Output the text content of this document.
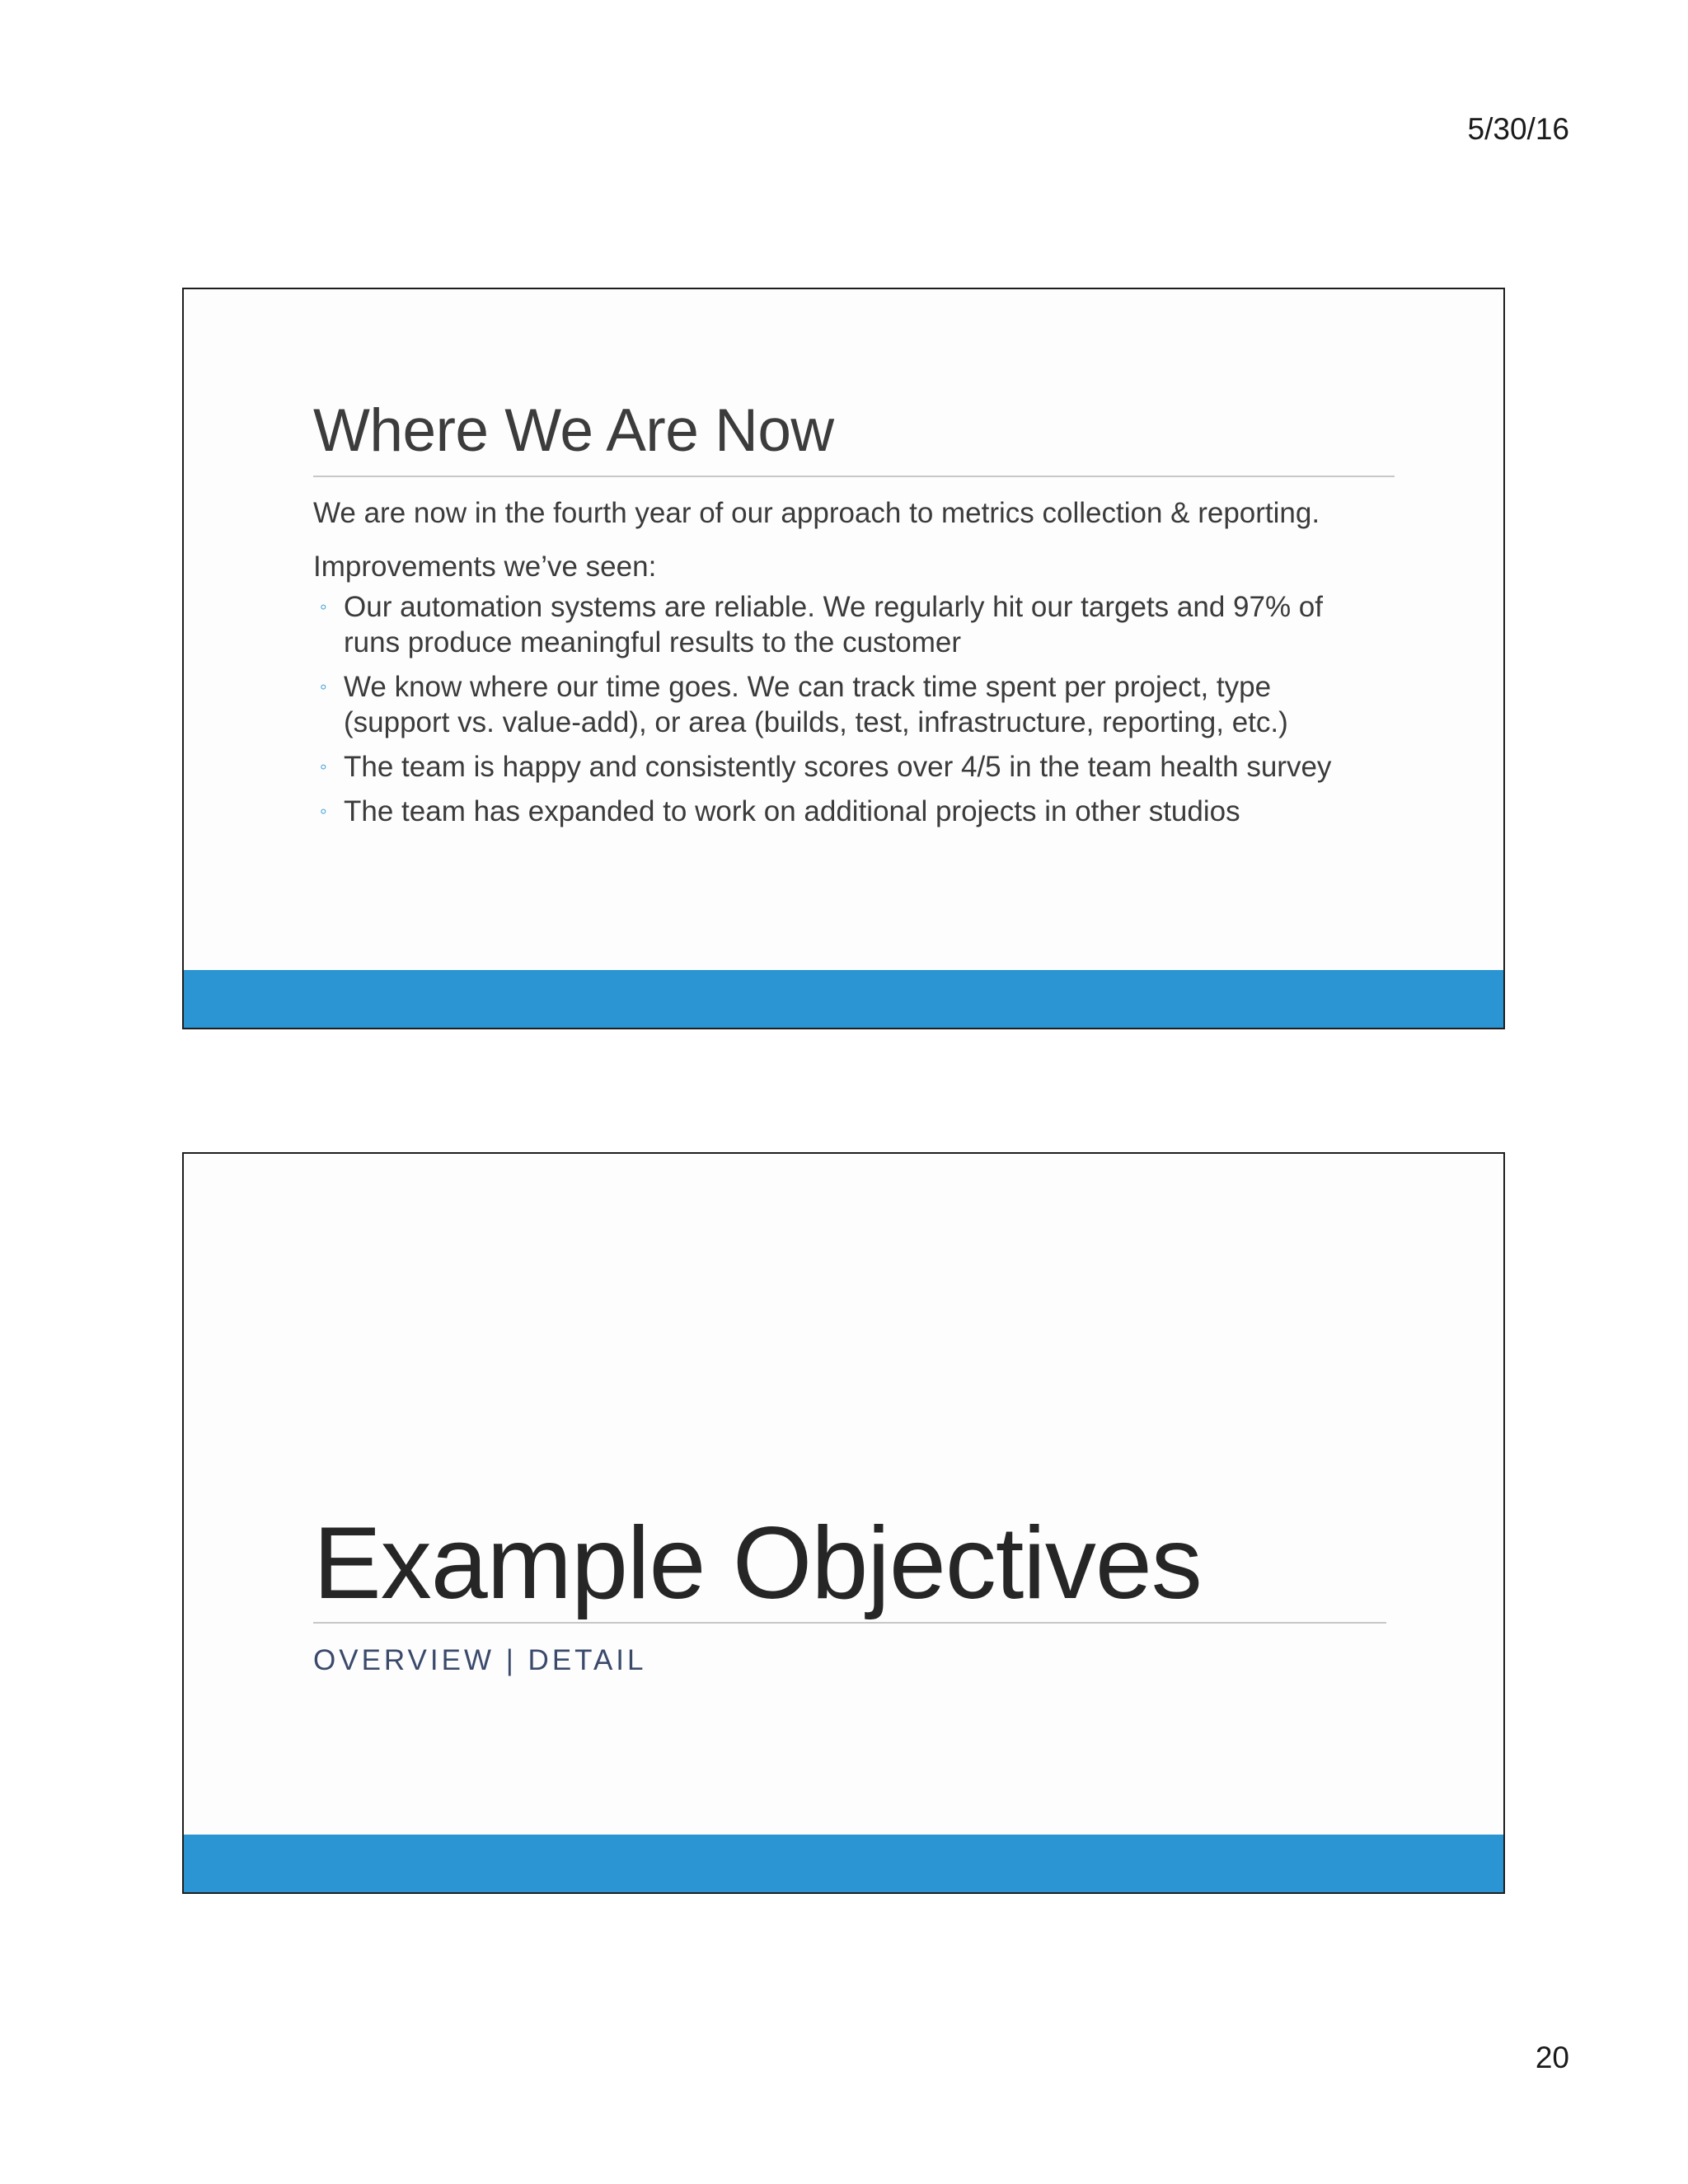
5/30/16
Where We Are Now

We are now in the fourth year of our approach to metrics collection & reporting.

Improvements we’ve seen:

◦ Our automation systems are reliable. We regularly hit our targets and 97% of runs produce meaningful results to the customer
◦ We know where our time goes. We can track time spent per project, type (support vs. value-add), or area (builds, test, infrastructure, reporting, etc.)
◦ The team is happy and consistently scores over 4/5 in the team health survey
◦ The team has expanded to work on additional projects in other studios
Example Objectives
OVERVIEW | DETAIL
20
